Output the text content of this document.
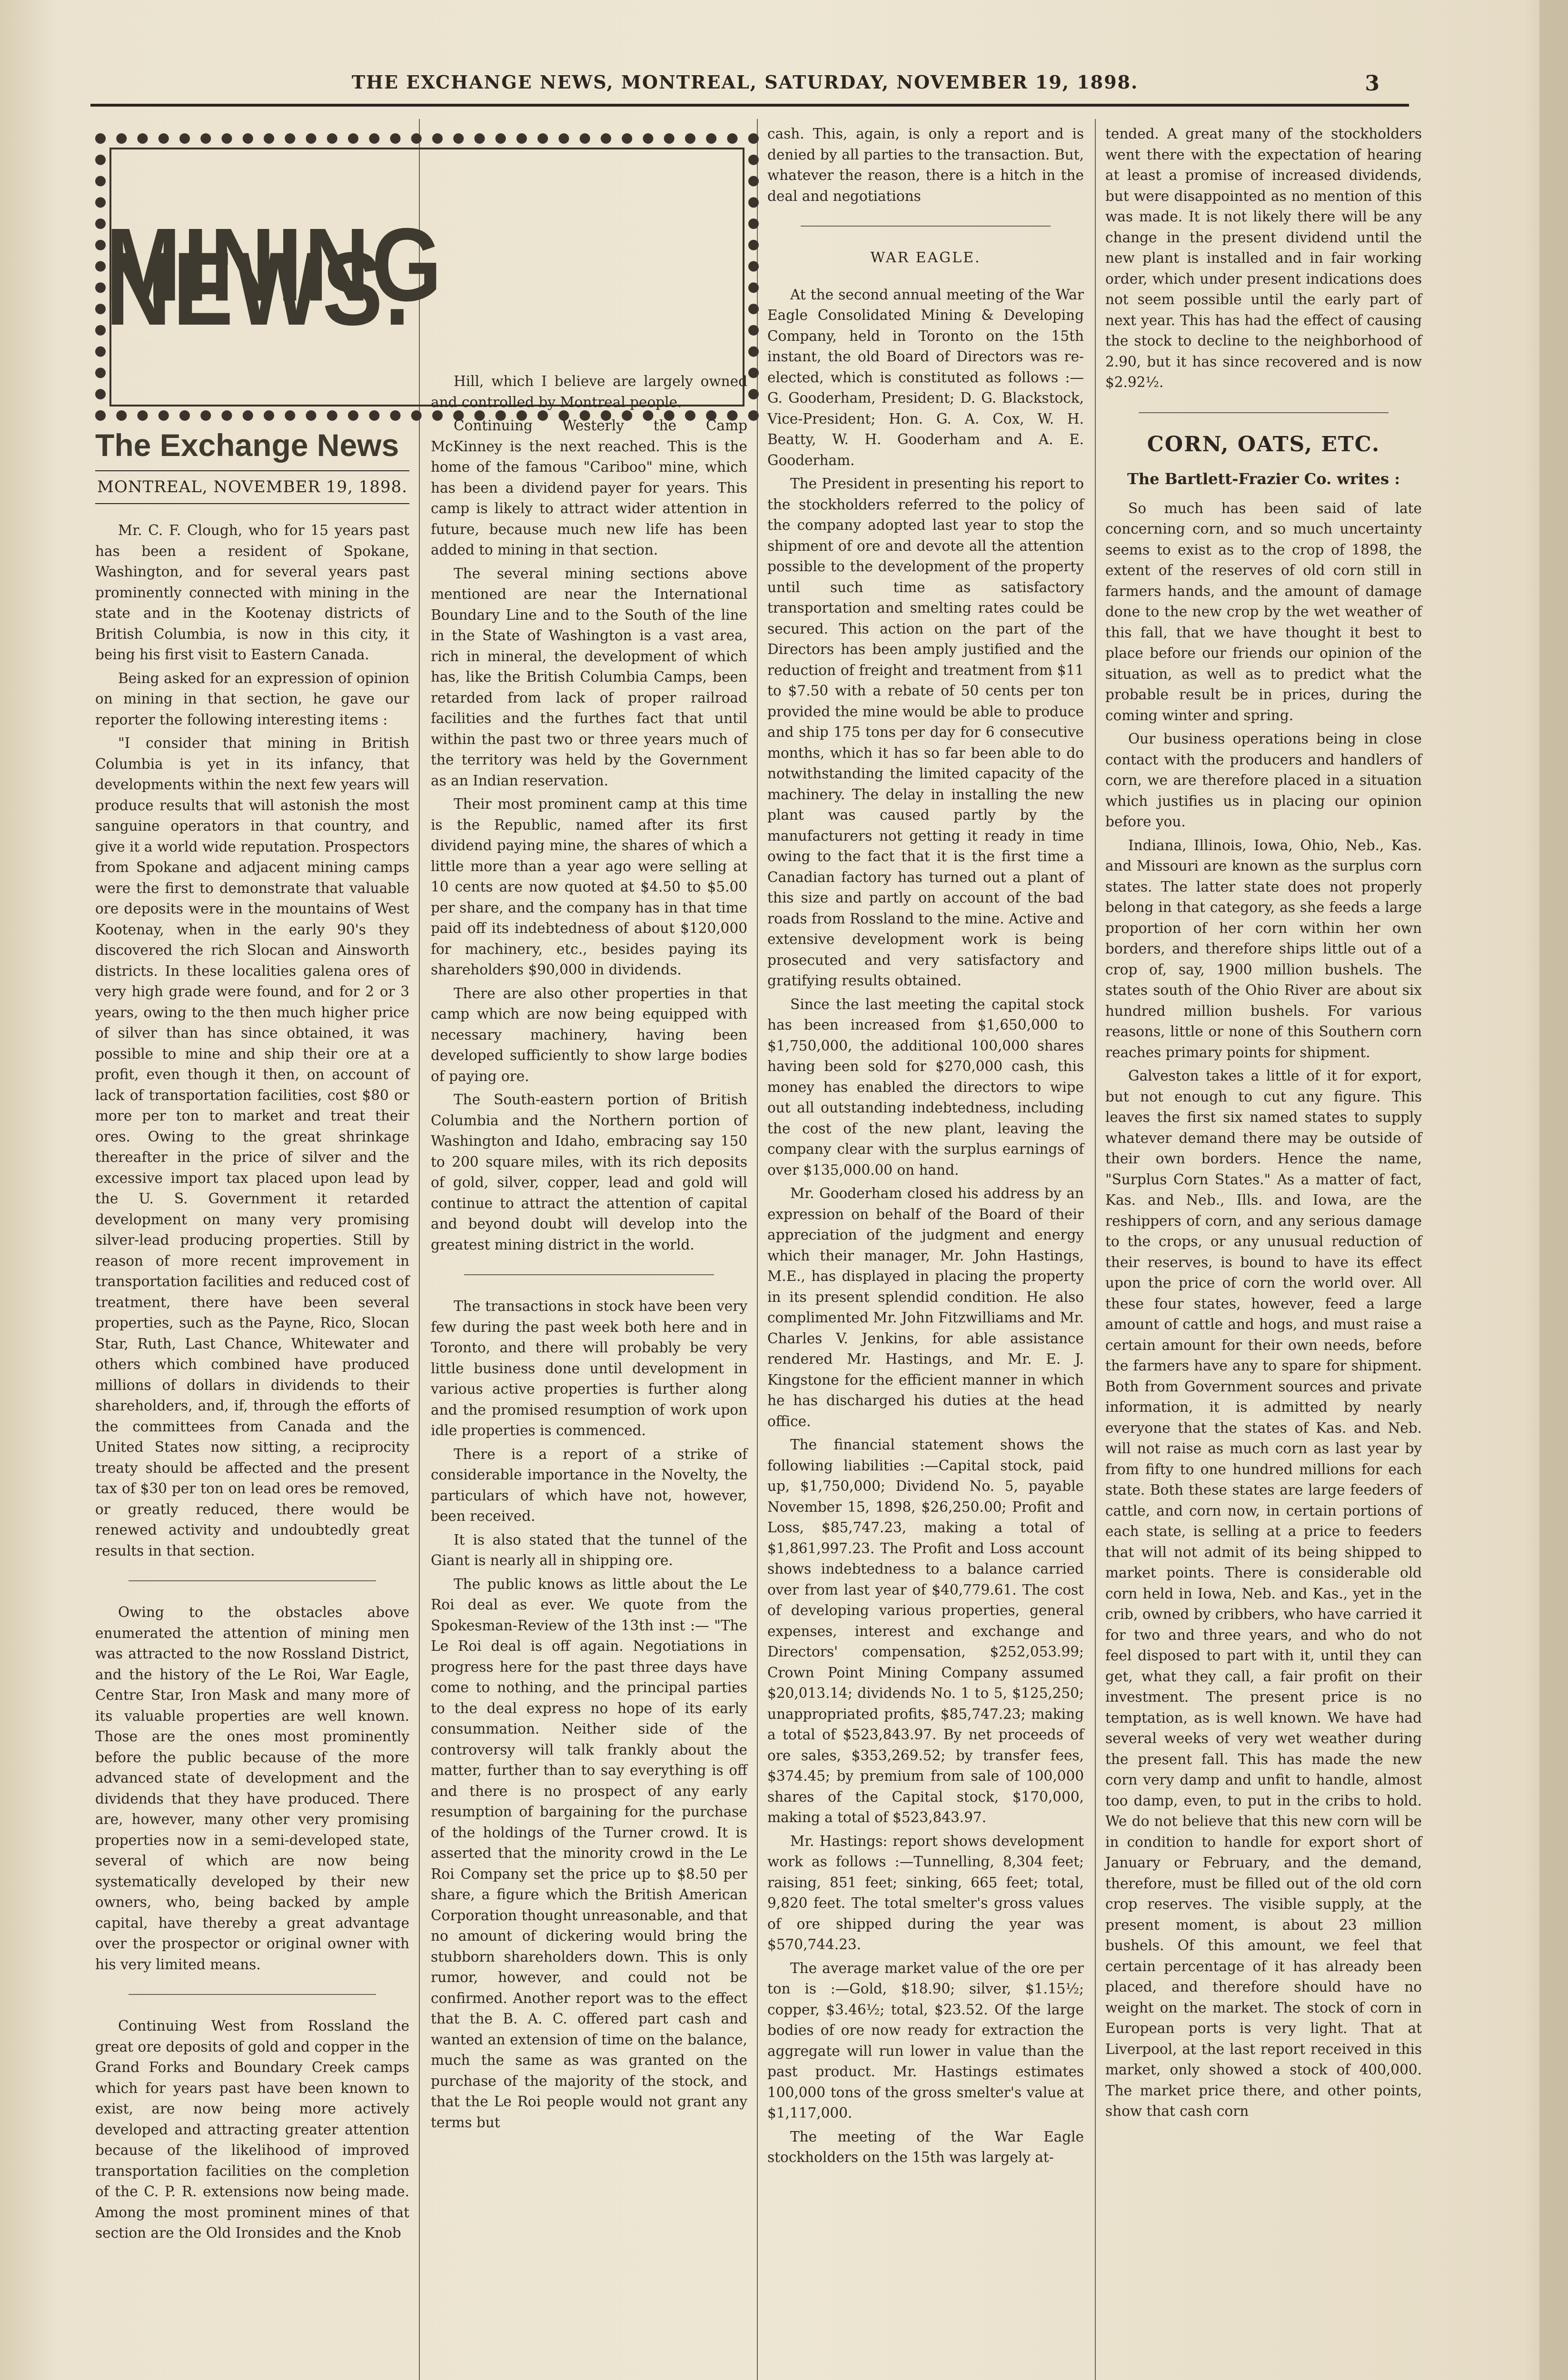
THE EXCHANGE NEWS, MONTREAL, SATURDAY, NOVEMBER 19, 1898.	3
MINING NEWS.
The Exchange News
MONTREAL, NOVEMBER 19, 1898.

Mr. C. F. Clough, who for 15 years past has been a resident of Spokane, Washington, and for several years past prominently connected with mining in the state and in the Kootenay districts of British Columbia, is now in this city, it being his first visit to Eastern Canada.

Being asked for an expression of opinion on mining in that section, he gave our reporter the following interesting items :

"I consider that mining in British Columbia is yet in its infancy, that developments within the next few years will produce results that will astonish the most sanguine operators in that country, and give it a world wide reputation. Prospectors from Spokane and adjacent mining camps were the first to demonstrate that valuable ore deposits were in the mountains of West Kootenay, when in the early 90's they discovered the rich Slocan and Ainsworth districts. In these localities galena ores of very high grade were found, and for 2 or 3 years, owing to the then much higher price of silver than has since obtained, it was possible to mine and ship their ore at a profit, even though it then, on account of lack of transportation facilities, cost $80 or more per ton to market and treat their ores. Owing to the great shrinkage thereafter in the price of silver and the excessive import tax placed upon lead by the U. S. Government it retarded development on many very promising silver-lead producing properties. Still by reason of more recent improvement in transportation facilities and reduced cost of treatment, there have been several properties, such as the Payne, Rico, Slocan Star, Ruth, Last Chance, Whitewater and others which combined have produced millions of dollars in dividends to their shareholders, and, if, through the efforts of the committees from Canada and the United States now sitting, a reciprocity treaty should be affected and the present tax of $30 per ton on lead ores be removed, or greatly reduced, there would be renewed activity and undoubtedly great results in that section.

Owing to the obstacles above enumerated the attention of mining men was attracted to the now Rossland District, and the history of the Le Roi, War Eagle, Centre Star, Iron Mask and many more of its valuable properties are well known. Those are the ones most prominently before the public because of the more advanced state of development and the dividends that they have produced. There are, however, many other very promising properties now in a semi-developed state, several of which are now being systematically developed by their new owners, who, being backed by ample capital, have thereby a great advantage over the prospector or original owner with his very limited means.

Continuing West from Rossland the great ore deposits of gold and copper in the Grand Forks and Boundary Creek camps which for years past have been known to exist, are now being more actively developed and attracting greater attention because of the likelihood of improved transportation facilities on the completion of the C. P. R. extensions now being made. Among the most prominent mines of that section are the Old Ironsides and the Knob

Hill, which I believe are largely owned and controlled by Montreal people.

Continuing Westerly the Camp McKinney is the next reached. This is the home of the famous "Cariboo" mine, which has been a dividend payer for years. This camp is likely to attract wider attention in future, because much new life has been added to mining in that section.

The several mining sections above mentioned are near the International Boundary Line and to the South of the line in the State of Washington is a vast area, rich in mineral, the development of which has, like the British Columbia Camps, been retarded from lack of proper railroad facilities and the furthes fact that until within the past two or three years much of the territory was held by the Government as an Indian reservation.

Their most prominent camp at this time is the Republic, named after its first dividend paying mine, the shares of which a little more than a year ago were selling at 10 cents are now quoted at $4.50 to $5.00 per share, and the company has in that time paid off its indebtedness of about $120,000 for machinery, etc., besides paying its shareholders $90,000 in dividends.

There are also other properties in that camp which are now being equipped with necessary machinery, having been developed sufficiently to show large bodies of paying ore.

The South-eastern portion of British Columbia and the Northern portion of Washington and Idaho, embracing say 150 to 200 square miles, with its rich deposits of gold, silver, copper, lead and gold will continue to attract the attention of capital and beyond doubt will develop into the greatest mining district in the world.

The transactions in stock have been very few during the past week both here and in Toronto, and there will probably be very little business done until development in various active properties is further along and the promised resumption of work upon idle properties is commenced.

There is a report of a strike of considerable importance in the Novelty, the particulars of which have not, however, been received.

It is also stated that the tunnel of the Giant is nearly all in shipping ore.

The public knows as little about the Le Roi deal as ever. We quote from the Spokesman-Review of the 13th inst :— "The Le Roi deal is off again. Negotiations in progress here for the past three days have come to nothing, and the principal parties to the deal express no hope of its early consummation. Neither side of the controversy will talk frankly about the matter, further than to say everything is off and there is no prospect of any early resumption of bargaining for the purchase of the holdings of the Turner crowd. It is asserted that the minority crowd in the Le Roi Company set the price up to $8.50 per share, a figure which the British American Corporation thought unreasonable, and that no amount of dickering would bring the stubborn shareholders down. This is only rumor, however, and could not be confirmed. Another report was to the effect that the B. A. C. offered part cash and wanted an extension of time on the balance, much the same as was granted on the purchase of the majority of the stock, and that the Le Roi people would not grant any terms but

cash. This, again, is only a report and is denied by all parties to the transaction. But, whatever the reason, there is a hitch in the deal and negotiations

WAR EAGLE.

At the second annual meeting of the War Eagle Consolidated Mining & Developing Company, held in Toronto on the 15th instant, the old Board of Directors was re-elected, which is constituted as follows :—G. Gooderham, President; D. G. Blackstock, Vice-President; Hon. G. A. Cox, W. H. Beatty, W. H. Gooderham and A. E. Gooderham.

The President in presenting his report to the stockholders referred to the policy of the company adopted last year to stop the shipment of ore and devote all the attention possible to the development of the property until such time as satisfactory transportation and smelting rates could be secured. This action on the part of the Directors has been amply justified and the reduction of freight and treatment from $11 to $7.50 with a rebate of 50 cents per ton provided the mine would be able to produce and ship 175 tons per day for 6 consecutive months, which it has so far been able to do notwithstanding the limited capacity of the machinery. The delay in installing the new plant was caused partly by the manufacturers not getting it ready in time owing to the fact that it is the first time a Canadian factory has turned out a plant of this size and partly on account of the bad roads from Rossland to the mine. Active and extensive development work is being prosecuted and very satisfactory and gratifying results obtained.

Since the last meeting the capital stock has been increased from $1,650,000 to $1,750,000, the additional 100,000 shares having been sold for $270,000 cash, this money has enabled the directors to wipe out all outstanding indebtedness, including the cost of the new plant, leaving the company clear with the surplus earnings of over $135,000.00 on hand.

Mr. Gooderham closed his address by an expression on behalf of the Board of their appreciation of the judgment and energy which their manager, Mr. John Hastings, M.E., has displayed in placing the property in its present splendid condition. He also complimented Mr. John Fitzwilliams and Mr. Charles V. Jenkins, for able assistance rendered Mr. Hastings, and Mr. E. J. Kingstone for the efficient manner in which he has discharged his duties at the head office.

The financial statement shows the following liabilities :—Capital stock, paid up, $1,750,000; Dividend No. 5, payable November 15, 1898, $26,250.00; Profit and Loss, $85,747.23, making a total of $1,861,997.23. The Profit and Loss account shows indebtedness to a balance carried over from last year of $40,779.61. The cost of developing various properties, general expenses, interest and exchange and Directors' compensation, $252,053.99; Crown Point Mining Company assumed $20,013.14; dividends No. 1 to 5, $125,250; unappropriated profits, $85,747.23; making a total of $523,843.97. By net proceeds of ore sales, $353,269.52; by transfer fees, $374.45; by premium from sale of 100,000 shares of the Capital stock, $170,000, making a total of $523,843.97.

Mr. Hastings: report shows development work as follows :—Tunnelling, 8,304 feet; raising, 851 feet; sinking, 665 feet; total, 9,820 feet. The total smelter's gross values of ore shipped during the year was $570,744.23.

The average market value of the ore per ton is :—Gold, $18.90; silver, $1.15½; copper, $3.46½; total, $23.52. Of the large bodies of ore now ready for extraction the aggregate will run lower in value than the past product. Mr. Hastings estimates 100,000 tons of the gross smelter's value at $1,117,000.

The meeting of the War Eagle stockholders on the 15th was largely at-

tended. A great many of the stockholders went there with the expectation of hearing at least a promise of increased dividends, but were disappointed as no mention of this was made. It is not likely there will be any change in the present dividend until the new plant is installed and in fair working order, which under present indications does not seem possible until the early part of next year. This has had the effect of causing the stock to decline to the neighborhood of 2.90, but it has since recovered and is now $2.92½.

CORN, OATS, ETC.
The Bartlett-Frazier Co. writes :

So much has been said of late concerning corn, and so much uncertainty seems to exist as to the crop of 1898, the extent of the reserves of old corn still in farmers hands, and the amount of damage done to the new crop by the wet weather of this fall, that we have thought it best to place before our friends our opinion of the situation, as well as to predict what the probable result be in prices, during the coming winter and spring.

Our business operations being in close contact with the producers and handlers of corn, we are therefore placed in a situation which justifies us in placing our opinion before you.

Indiana, Illinois, Iowa, Ohio, Neb., Kas. and Missouri are known as the surplus corn states. The latter state does not properly belong in that category, as she feeds a large proportion of her corn within her own borders, and therefore ships little out of a crop of, say, 1900 million bushels. The states south of the Ohio River are about six hundred million bushels. For various reasons, little or none of this Southern corn reaches primary points for shipment.

Galveston takes a little of it for export, but not enough to cut any figure. This leaves the first six named states to supply whatever demand there may be outside of their own borders. Hence the name, "Surplus Corn States." As a matter of fact, Kas. and Neb., Ills. and Iowa, are the reshippers of corn, and any serious damage to the crops, or any unusual reduction of their reserves, is bound to have its effect upon the price of corn the world over. All these four states, however, feed a large amount of cattle and hogs, and must raise a certain amount for their own needs, before the farmers have any to spare for shipment. Both from Government sources and private information, it is admitted by nearly everyone that the states of Kas. and Neb. will not raise as much corn as last year by from fifty to one hundred millions for each state. Both these states are large feeders of cattle, and corn now, in certain portions of each state, is selling at a price to feeders that will not admit of its being shipped to market points. There is considerable old corn held in Iowa, Neb. and Kas., yet in the crib, owned by cribbers, who have carried it for two and three years, and who do not feel disposed to part with it, until they can get, what they call, a fair profit on their investment. The present price is no temptation, as is well known. We have had several weeks of very wet weather during the present fall. This has made the new corn very damp and unfit to handle, almost too damp, even, to put in the cribs to hold. We do not believe that this new corn will be in condition to handle for export short of January or February, and the demand, therefore, must be filled out of the old corn crop reserves. The visible supply, at the present moment, is about 23 million bushels. Of this amount, we feel that certain percentage of it has already been placed, and therefore should have no weight on the market. The stock of corn in European ports is very light. That at Liverpool, at the last report received in this market, only showed a stock of 400,000. The market price there, and other points, show that cash corn
